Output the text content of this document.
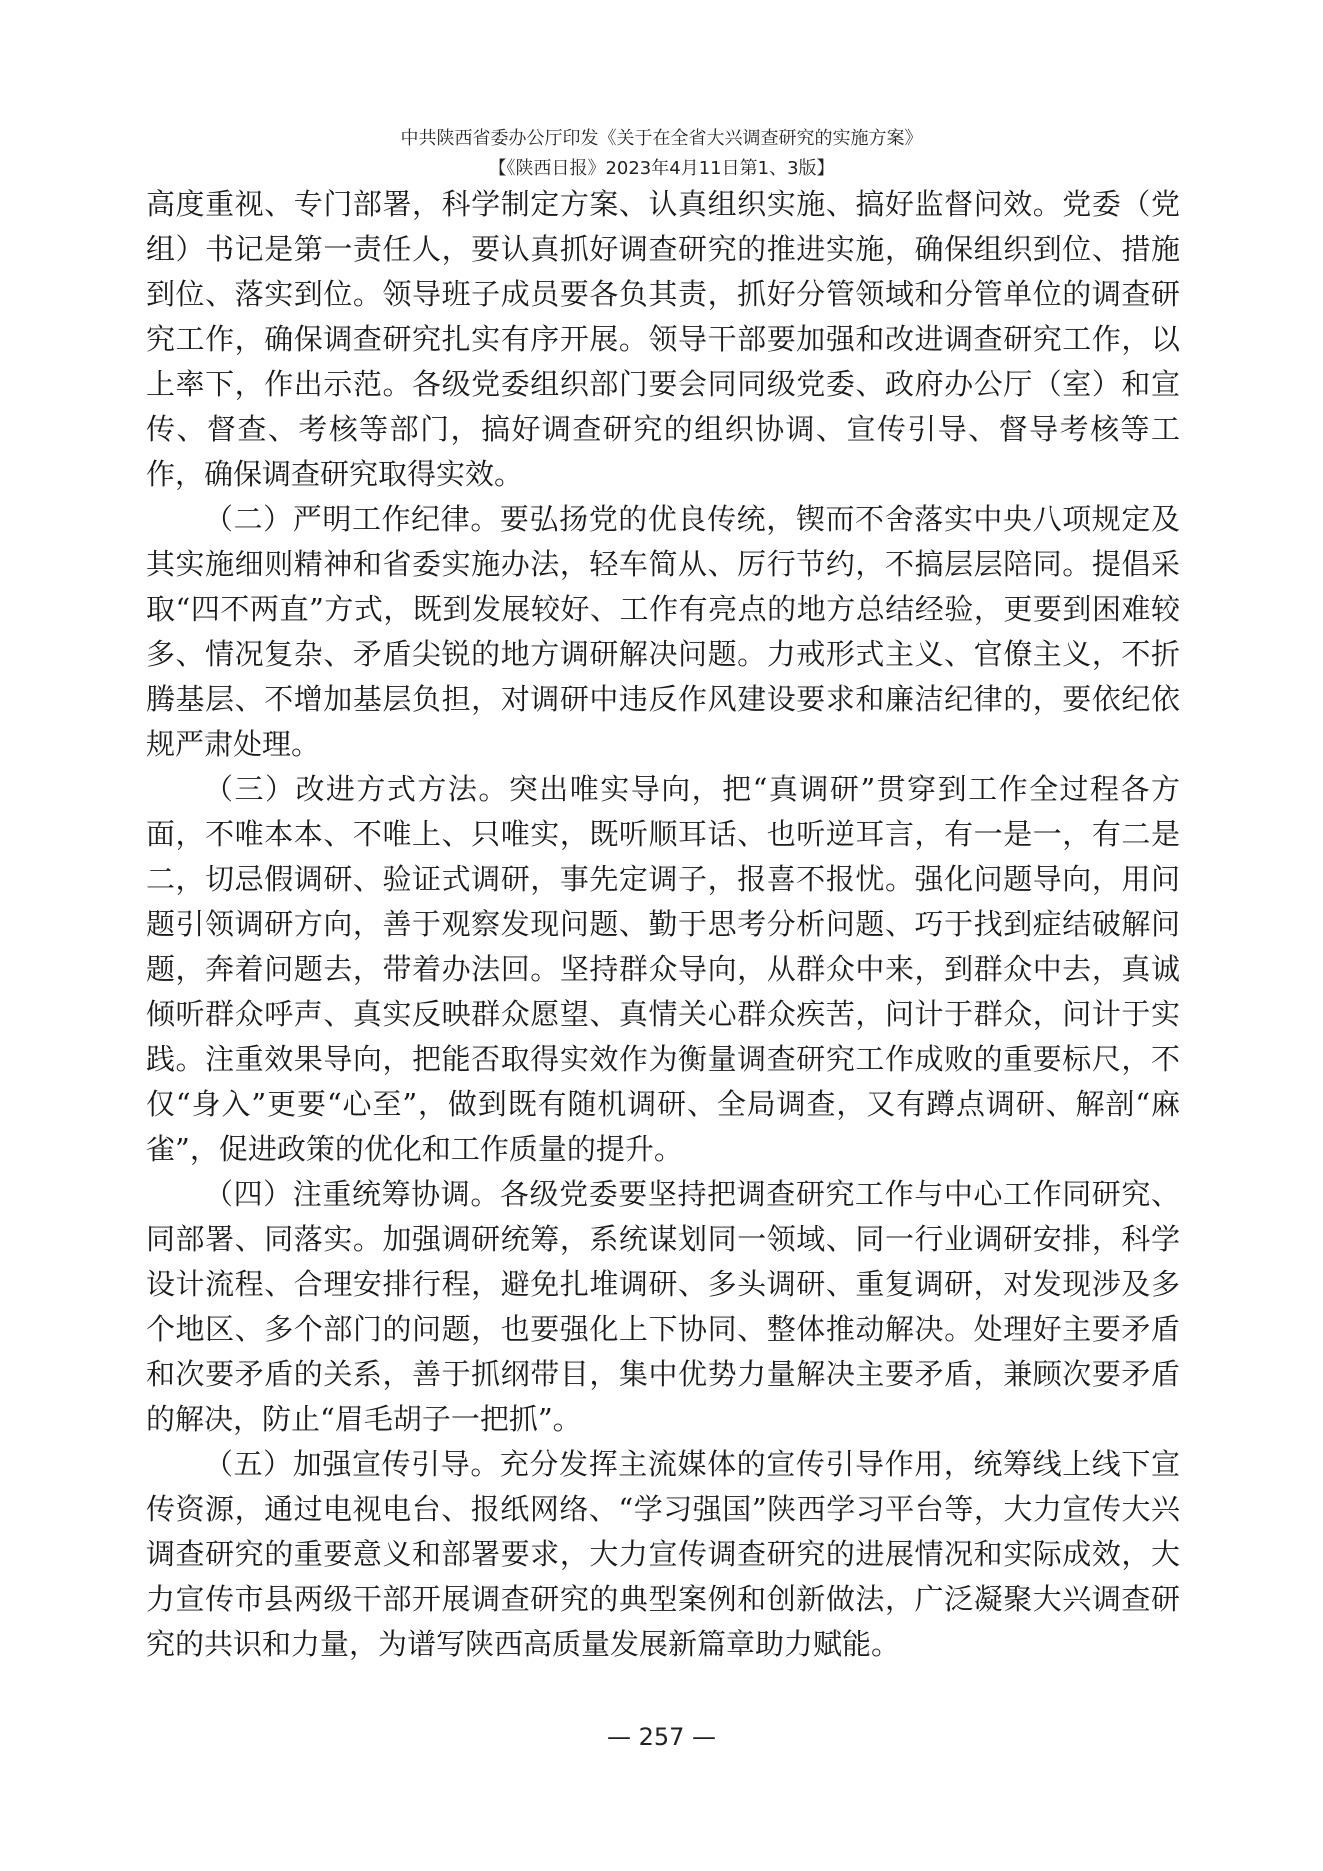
中共陕西省委办公厅印发《关于在全省大兴调查研究的实施方案》
【《陕西日报》2023年4月11日第1、3版】

高度重视、专门部署，科学制定方案、认真组织实施、搞好监督问效。党委（党组）书记是第一责任人，要认真抓好调查研究的推进实施，确保组织到位、措施到位、落实到位。领导班子成员要各负其责，抓好分管领域和分管单位的调查研究工作，确保调查研究扎实有序开展。领导干部要加强和改进调查研究工作，以上率下，作出示范。各级党委组织部门要会同同级党委、政府办公厅（室）和宣传、督查、考核等部门，搞好调查研究的组织协调、宣传引导、督导考核等工作，确保调查研究取得实效。

（二）严明工作纪律。要弘扬党的优良传统，锲而不舍落实中央八项规定及其实施细则精神和省委实施办法，轻车简从、厉行节约，不搞层层陪同。提倡采取“四不两直”方式，既到发展较好、工作有亮点的地方总结经验，更要到困难较多、情况复杂、矛盾尖锐的地方调研解决问题。力戒形式主义、官僚主义，不折腾基层、不增加基层负担，对调研中违反作风建设要求和廉洁纪律的，要依纪依规严肃处理。

（三）改进方式方法。突出唯实导向，把“真调研”贯穿到工作全过程各方面，不唯本本、不唯上、只唯实，既听顺耳话、也听逆耳言，有一是一，有二是二，切忌假调研、验证式调研，事先定调子，报喜不报忧。强化问题导向，用问题引领调研方向，善于观察发现问题、勤于思考分析问题、巧于找到症结破解问题，奔着问题去，带着办法回。坚持群众导向，从群众中来，到群众中去，真诚倾听群众呼声、真实反映群众愿望、真情关心群众疾苦，问计于群众，问计于实践。注重效果导向，把能否取得实效作为衡量调查研究工作成败的重要标尺，不仅“身入”更要“心至”，做到既有随机调研、全局调查，又有蹲点调研、解剖“麻雀”，促进政策的优化和工作质量的提升。

（四）注重统筹协调。各级党委要坚持把调查研究工作与中心工作同研究、同部署、同落实。加强调研统筹，系统谋划同一领域、同一行业调研安排，科学设计流程、合理安排行程，避免扎堆调研、多头调研、重复调研，对发现涉及多个地区、多个部门的问题，也要强化上下协同、整体推动解决。处理好主要矛盾和次要矛盾的关系，善于抓纲带目，集中优势力量解决主要矛盾，兼顾次要矛盾的解决，防止“眉毛胡子一把抓”。

（五）加强宣传引导。充分发挥主流媒体的宣传引导作用，统筹线上线下宣传资源，通过电视电台、报纸网络、“学习强国”陕西学习平台等，大力宣传大兴调查研究的重要意义和部署要求，大力宣传调查研究的进展情况和实际成效，大力宣传市县两级干部开展调查研究的典型案例和创新做法，广泛凝聚大兴调查研究的共识和力量，为谱写陕西高质量发展新篇章助力赋能。

— 257 —
